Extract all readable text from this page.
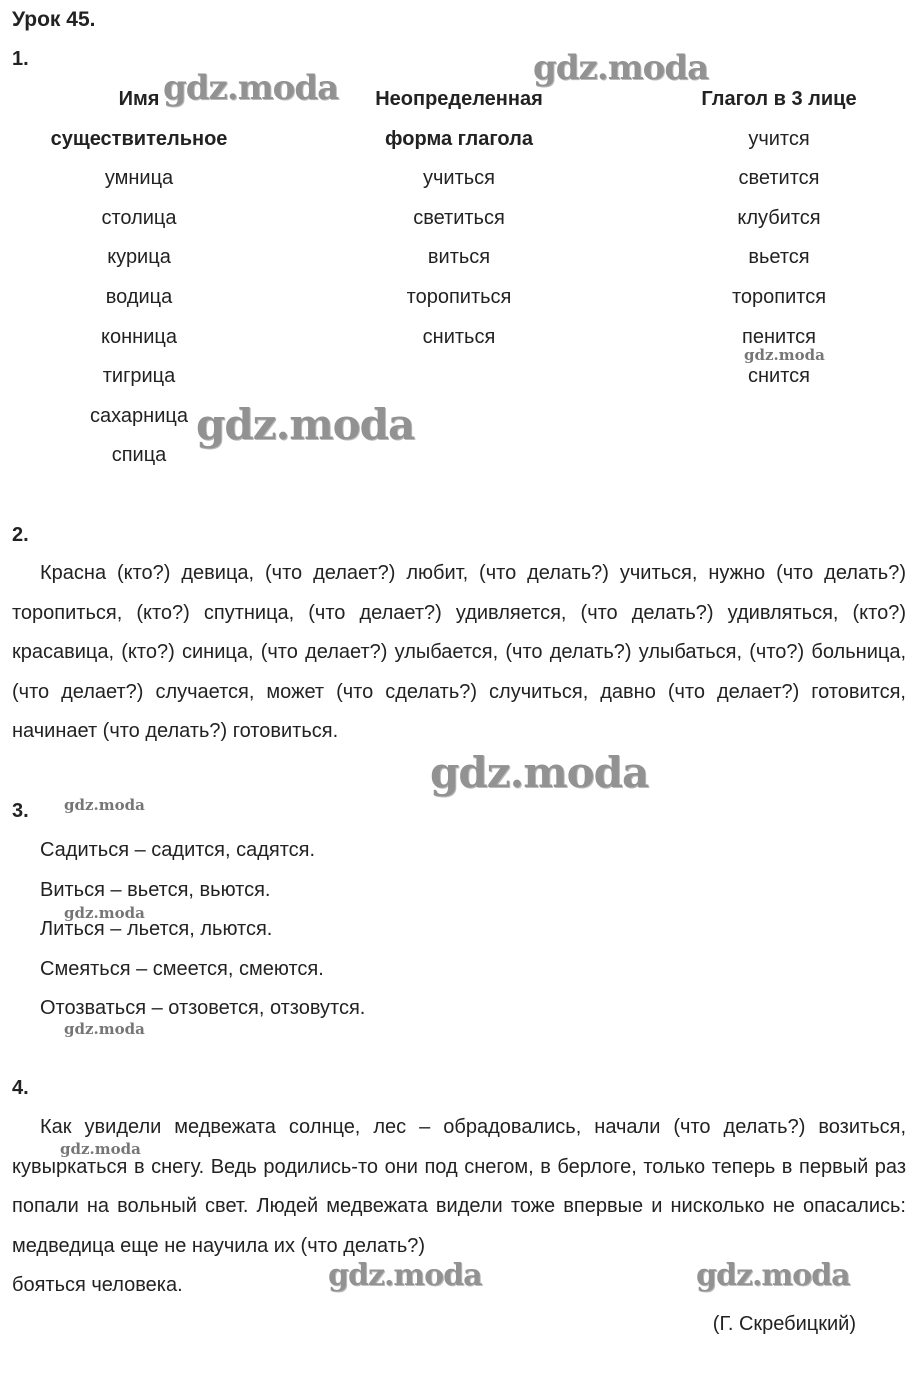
Урок 45.
1.
Имя
существительное
умница
столица
курица
водица
конница
тигрица
сахарница
спица
Неопределенная
форма глагола
учиться
светиться
виться
торопиться
сниться
Глагол в 3 лице
учится
светится
клубится
вьется
торопится
пенится
снится
2.

Красна (кто?) девица, (что делает?) любит, (что делать?) учиться, нужно (что делать?) торопиться, (кто?) спутница, (что делает?) удивляется, (что делать?) удивляться, (кто?) красавица, (кто?) синица, (что делает?) улыбается, (что делать?) улыбаться, (что?) больница, (что делает?) случается, может (что сделать?) случиться, давно (что делает?) готовится, начинает (что делать?) готовиться.

3.
Садиться – садится, садятся.
Виться – вьется, вьются.
Литься – льется, льются.
Смеяться – смеется, смеются.
Отозваться – отзовется, отзовутся.
4.

Как увидели медвежата солнце, лес – обрадовались, начали (что делать?) возиться, кувыркаться в снегу. Ведь родились-то они под снегом, в берлоге, только теперь в первый раз попали на вольный свет. Людей медвежата видели тоже впервые и нисколько не опасались: медведица еще не научила их (что делать?)

бояться человека.

(Г. Скребицкий)
gdz.moda	gdz.moda
gdz.moda
gdz.moda
gdz.moda
gdz.moda
gdz.moda
gdz.moda
gdz.moda
gdz.moda	gdz.moda
